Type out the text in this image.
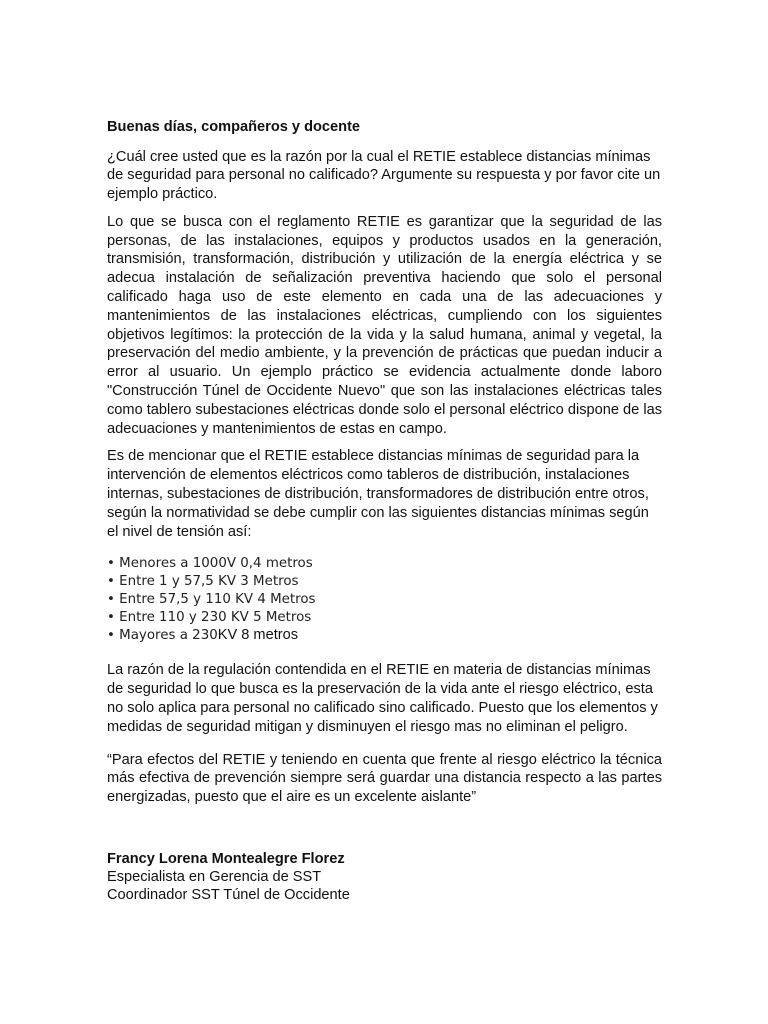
Buenas días, compañeros y docente

¿Cuál cree usted que es la razón por la cual el RETIE establece distancias mínimas de seguridad para personal no calificado? Argumente su respuesta y por favor cite un ejemplo práctico.

Lo que se busca con el reglamento RETIE es garantizar que la seguridad de las personas, de las instalaciones, equipos y productos usados en la generación, transmisión, transformación, distribución y utilización de la energía eléctrica y se adecua instalación de señalización preventiva haciendo que solo el personal calificado haga uso de este elemento en cada una de las adecuaciones y mantenimientos de las instalaciones eléctricas, cumpliendo con los siguientes objetivos legítimos: la protección de la vida y la salud humana, animal y vegetal, la preservación del medio ambiente, y la prevención de prácticas que puedan inducir a error al usuario. Un ejemplo práctico se evidencia actualmente donde laboro "Construcción Túnel de Occidente Nuevo" que son las instalaciones eléctricas tales como tablero subestaciones eléctricas donde solo el personal eléctrico dispone de las adecuaciones y mantenimientos de estas en campo.

Es de mencionar que el RETIE establece distancias mínimas de seguridad para la intervención de elementos eléctricos como tableros de distribución, instalaciones internas, subestaciones de distribución, transformadores de distribución entre otros, según la normatividad se debe cumplir con las siguientes distancias mínimas según el nivel de tensión así:

• Menores a 1000V 0,4 metros
• Entre 1 y 57,5 KV 3 Metros
• Entre 57,5 y 110 KV 4 Metros
• Entre 110 y 230 KV 5 Metros
• Mayores a 230KV 8 metros

La razón de la regulación contendida en el RETIE en materia de distancias mínimas de seguridad lo que busca es la preservación de la vida ante el riesgo eléctrico, esta no solo aplica para personal no calificado sino calificado. Puesto que los elementos y medidas de seguridad mitigan y disminuyen el riesgo mas no eliminan el peligro.

“Para efectos del RETIE y teniendo en cuenta que frente al riesgo eléctrico la técnica más efectiva de prevención siempre será guardar una distancia respecto a las partes energizadas, puesto que el aire es un excelente aislante”

Francy Lorena Montealegre Florez
Especialista en Gerencia de SST
Coordinador SST Túnel de Occidente
